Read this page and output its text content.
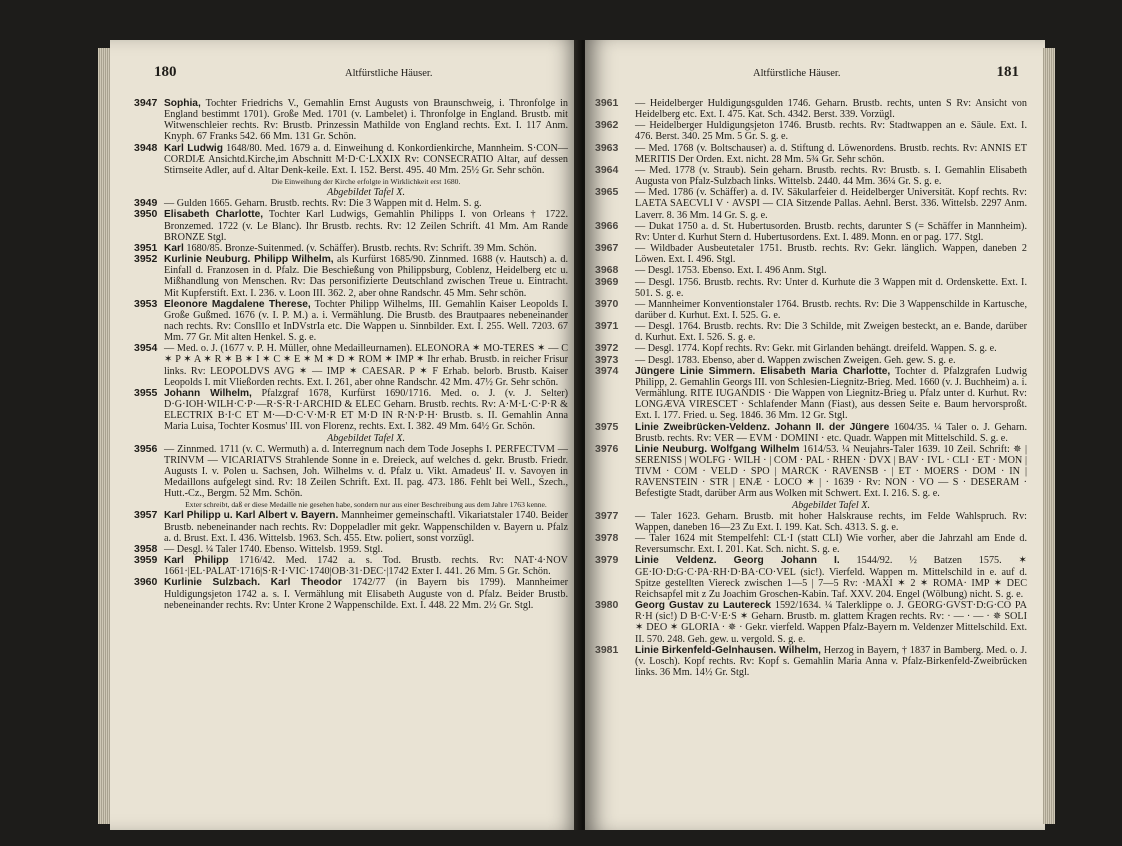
180	Altfürstliche Häuser.
3947 Sophia, Tochter Friedrichs V., Gemahlin Ernst Augusts von Braunschweig, i. Thronfolge in England bestimmt 1701). Große Med. 1701 (v. Lambelet) i. Thronfolge in England. Brustb. mit Witwenschleier rechts. Rv: Brustb. Prinzessin Mathilde von England rechts. Ext. I. 117 Anm. Knyph. 67 Franks 542. 66 Mm. 131 Gr. Schön.
3948 Karl Ludwig 1648/80. Med. 1679 a. d. Einweihung d. Konkordienkirche, Mannheim. S·CON—CORDIÆ Ansichtd.Kirche,im Abschnitt M·D·C·LXXIX Rv: CONSECRATIO Altar, auf dessen Stirnseite Adler, auf d. Altar Denk-keile. Ext. I. 152. Berst. 495. 40 Mm. 25½ Gr. Sehr schön.
Die Einweihung der Kirche erfolgte in Wirklichkeit erst 1680.
Abgebildet Tafel X.
3949 — Gulden 1665. Geharn. Brustb. rechts. Rv: Die 3 Wappen mit d. Helm. S. g.
3950 Elisabeth Charlotte, Tochter Karl Ludwigs, Gemahlin Philipps I. von Orleans † 1722. Bronzemed. 1722 (v. Le Blanc). Ihr Brustb. rechts. Rv: 12 Zeilen Schrift. 41 Mm. Am Rande BRONZE Stgl.
3951 Karl 1680/85. Bronze-Suitenmed. (v. Schäffer). Brustb. rechts. Rv: Schrift. 39 Mm. Schön.
3952 Kurlinie Neuburg. Philipp Wilhelm, als Kurfürst 1685/90. Zinnmed. 1688 (v. Hautsch) a. d. Einfall d. Franzosen in d. Pfalz. Die Beschießung von Philippsburg, Coblenz, Heidelberg etc u. Mißhandlung von Menschen. Rv: Das personifizierte Deutschland zwischen Treue u. Eintracht. Mit Kupferstift. Ext. I. 236. v. Loon III. 362. 2, aber ohne Randschr. 45 Mm. Sehr schön.
3953 Eleonore Magdalene Therese, Tochter Philipp Wilhelms, III. Gemahlin Kaiser Leopolds I. Große Gußmed. 1676 (v. I. P. M.) a. i. Vermählung. Die Brustb. des Brautpaares nebeneinander nach rechts. Rv: ConsIlIo et InDVstrIa etc. Die Wappen u. Sinnbilder. Ext. I. 255. Well. 7203. 67 Mm. 77 Gr. Mit alten Henkel. S. g. e.
3954 — Med. o. J. (1677 v. P. H. Müller, ohne Medailleurnamen). ELEONORA ✶ MO-TERES ✶ — C ✶ P ✶ A ✶ R ✶ B ✶ I ✶ C ✶ E ✶ M ✶ D ✶ ROM ✶ IMP ✶ Ihr erhab. Brustb. in reicher Frisur links. Rv: LEOPOLDVS AVG ✶ — IMP ✶ CAESAR. P ✶ F Erhab. belorb. Brustb. Kaiser Leopolds I. mit Vließorden rechts. Ext. I. 261, aber ohne Randschr. 42 Mm. 47½ Gr. Sehr schön.
3955 Johann Wilhelm, Pfalzgraf 1678, Kurfürst 1690/1716. Med. o. J. (v. J. Selter) D·G·IOH·WILH·C·P·—R·S·R·I·ARCHID & ELEC Geharn. Brustb. rechts. Rv: A·M·L·C·P·R & ELECTRIX B·I·C ET M·—D·C·V·M·R ET M·D IN R·N·P·H· Brustb. s. II. Gemahlin Anna Maria Luisa, Tochter Kosmus' III. von Florenz, rechts. Ext. I. 382. 49 Mm. 64½ Gr. Schön.
Abgebildet Tafel X.
3956 — Zinnmed. 1711 (v. C. Wermuth) a. d. Interregnum nach dem Tode Josephs I. PERFECTVM — TRINVM — VICARIATVS Strahlende Sonne in e. Dreieck, auf welches d. gekr. Brustb. Friedr. Augusts I. v. Polen u. Sachsen, Joh. Wilhelms v. d. Pfalz u. Vikt. Amadeus' II. v. Savoyen in Medaillons aufgelegt sind. Rv: 18 Zeilen Schrift. Ext. II. pag. 473. 186. Fehlt bei Well., Szech., Hutt.-Cz., Bergm. 52 Mm. Schön.
Exter schreibt, daß er diese Medaille nie gesehen habe, sondern nur aus einer Beschreibung aus dem Jahre 1763 kenne.
3957 Karl Philipp u. Karl Albert v. Bayern. Mannheimer gemeinschaftl. Vikariatstaler 1740. Beider Brustb. nebeneinander nach rechts. Rv: Doppeladler mit gekr. Wappenschilden v. Bayern u. Pfalz a. d. Brust. Ext. I. 436. Wittelsb. 1963. Sch. 455. Etw. poliert, sonst vorzügl.
3958 — Desgl. ¼ Taler 1740. Ebenso. Wittelsb. 1959. Stgl.
3959 Karl Philipp 1716/42. Med. 1742 a. s. Tod. Brustb. rechts. Rv: NAT·4·NOV 1661·|EL·PALAT·1716|S·R·I·VIC·1740|OB·31·DEC·|1742 Exter I. 441. 26 Mm. 5 Gr. Schön.
3960 Kurlinie Sulzbach. Karl Theodor 1742/77 (in Bayern bis 1799). Mannheimer Huldigungsjeton 1742 a. s. I. Vermählung mit Elisabeth Auguste von d. Pfalz. Beider Brustb. nebeneinander rechts. Rv: Unter Krone 2 Wappenschilde. Ext. I. 448. 22 Mm. 2½ Gr. Stgl.
Altfürstliche Häuser.	181
3961 — Heidelberger Huldigungsgulden 1746. Geharn. Brustb. rechts, unten S Rv: Ansicht von Heidelberg etc. Ext. I. 475. Kat. Sch. 4342. Berst. 339. Vorzügl.
3962 — Heidelberger Huldigungsjeton 1746. Brustb. rechts. Rv: Stadtwappen an e. Säule. Ext. I. 476. Berst. 340. 25 Mm. 5 Gr. S. g. e.
3963 — Med. 1768 (v. Boltschauser) a. d. Stiftung d. Löwenordens. Brustb. rechts. Rv: ANNIS ET MERITIS Der Orden. Ext. nicht. 28 Mm. 5¾ Gr. Sehr schön.
3964 — Med. 1778 (v. Straub). Sein geharn. Brustb. rechts. Rv: Brustb. s. I. Gemahlin Elisabeth Augusta von Pfalz-Sulzbach links. Wittelsb. 2440. 44 Mm. 36¼ Gr. S. g. e.
3965 — Med. 1786 (v. Schäffer) a. d. IV. Säkularfeier d. Heidelberger Universität. Kopf rechts. Rv: LAETA SAECVLI V · AVSPI — CIA Sitzende Pallas. Aehnl. Berst. 336. Wittelsb. 2297 Anm. Laverr. 8. 36 Mm. 14 Gr. S. g. e.
3966 — Dukat 1750 a. d. St. Hubertusorden. Brustb. rechts, darunter S (= Schäffer in Mannheim). Rv: Unter d. Kurhut Stern d. Hubertusordens. Ext. I. 489. Monn. en or pag. 177. Stgl.
3967 — Wildbader Ausbeutetaler 1751. Brustb. rechts. Rv: Gekr. länglich. Wappen, daneben 2 Löwen. Ext. I. 496. Stgl.
3968 — Desgl. 1753. Ebenso. Ext. I. 496 Anm. Stgl.
3969 — Desgl. 1756. Brustb. rechts. Rv: Unter d. Kurhute die 3 Wappen mit d. Ordenskette. Ext. I. 501. S. g. e.
3970 — Mannheimer Konventionstaler 1764. Brustb. rechts. Rv: Die 3 Wappenschilde in Kartusche, darüber d. Kurhut. Ext. I. 525. G. e.
3971 — Desgl. 1764. Brustb. rechts. Rv: Die 3 Schilde, mit Zweigen besteckt, an e. Bande, darüber d. Kurhut. Ext. I. 526. S. g. e.
3972 — Desgl. 1774. Kopf rechts. Rv: Gekr. mit Girlanden behängt. dreifeld. Wappen. S. g. e.
3973 — Desgl. 1783. Ebenso, aber d. Wappen zwischen Zweigen. Geh. gew. S. g. e.
3974 Jüngere Linie Simmern. Elisabeth Maria Charlotte, Tochter d. Pfalzgrafen Ludwig Philipp, 2. Gemahlin Georgs III. von Schlesien-Liegnitz-Brieg. Med. 1660 (v. J. Buchheim) a. i. Vermählung. RITE IUGANDIS · Die Wappen von Liegnitz-Brieg u. Pfalz unter d. Kurhut. Rv: LONGÆVA VIRESCET · Schlafender Mann (Fiast), aus dessen Seite e. Baum hervorsproßt. Ext. I. 177. Fried. u. Seg. 1846. 36 Mm. 12 Gr. Stgl.
3975 Linie Zweibrücken-Veldenz. Johann II. der Jüngere 1604/35. ¼ Taler o. J. Geharn. Brustb. rechts. Rv: VER — EVM · DOMINI · etc. Quadr. Wappen mit Mittelschild. S. g. e.
3976 Linie Neuburg. Wolfgang Wilhelm 1614/53. ¼ Neujahrs-Taler 1639. 10 Zeil. Schrift: ✵ | SERENISS | WOLFG · WILH · | COM · PAL · RHEN · DVX | BAV · IVL · CLI · ET · MON | TIVM · COM · VELD · SPO | MARCK · RAVENSB · | ET · MOERS · DOM · IN | RAVENSTEIN · STR | ENÆ · LOCO ✶ | · 1639 · Rv: NON · VO — S · DESERAM · Befestigte Stadt, darüber Arm aus Wolken mit Schwert. Ext. I. 216. S. g. e.
Abgebildet Tafel X.
3977 — Taler 1623. Geharn. Brustb. mit hoher Halskrause rechts, im Felde Wahlspruch. Rv: Wappen, daneben 16—23 Zu Ext. I. 199. Kat. Sch. 4313. S. g. e.
3978 — Taler 1624 mit Stempelfehl: CL·I (statt CLI) Wie vorher, aber die Jahrzahl am Ende d. Reversumschr. Ext. I. 201. Kat. Sch. nicht. S. g. e.
3979 Linie Veldenz. Georg Johann I. 1544/92. ½ Batzen 1575. ✶ GE·IO·D:G·C·PA·RH·D·BA·CO·VEL (sic!). Vierfeld. Wappen m. Mittelschild in e. auf d. Spitze gestellten Viereck zwischen 1—5 | 7—5 Rv: ·MAXI ✶ 2 ✶ ROMA· IMP ✶ DEC Reichsapfel mit z Zu Joachim Groschen-Kabin. Taf. XXV. 204. Engel (Wölbung) nicht. S. g. e.
3980 Georg Gustav zu Lautereck 1592/1634. ¼ Talerklippe o. J. GEORG·GVST·D:G·CO PA R·H (sic!) D B·C·V·E·S ✶ Geharn. Brustb. m. glattem Kragen rechts. Rv: · — · — · ✵ SOLI ✶ DEO ✶ GLORIA · ✵ · Gekr. vierfeld. Wappen Pfalz-Bayern m. Veldenzer Mittelschild. Ext. II. 570. 248. Geh. gew. u. vergold. S. g. e.
3981 Linie Birkenfeld-Gelnhausen. Wilhelm, Herzog in Bayern, † 1837 in Bamberg. Med. o. J. (v. Losch). Kopf rechts. Rv: Kopf s. Gemahlin Maria Anna v. Pfalz-Birkenfeld-Zweibrücken links. 36 Mm. 14½ Gr. Stgl.
